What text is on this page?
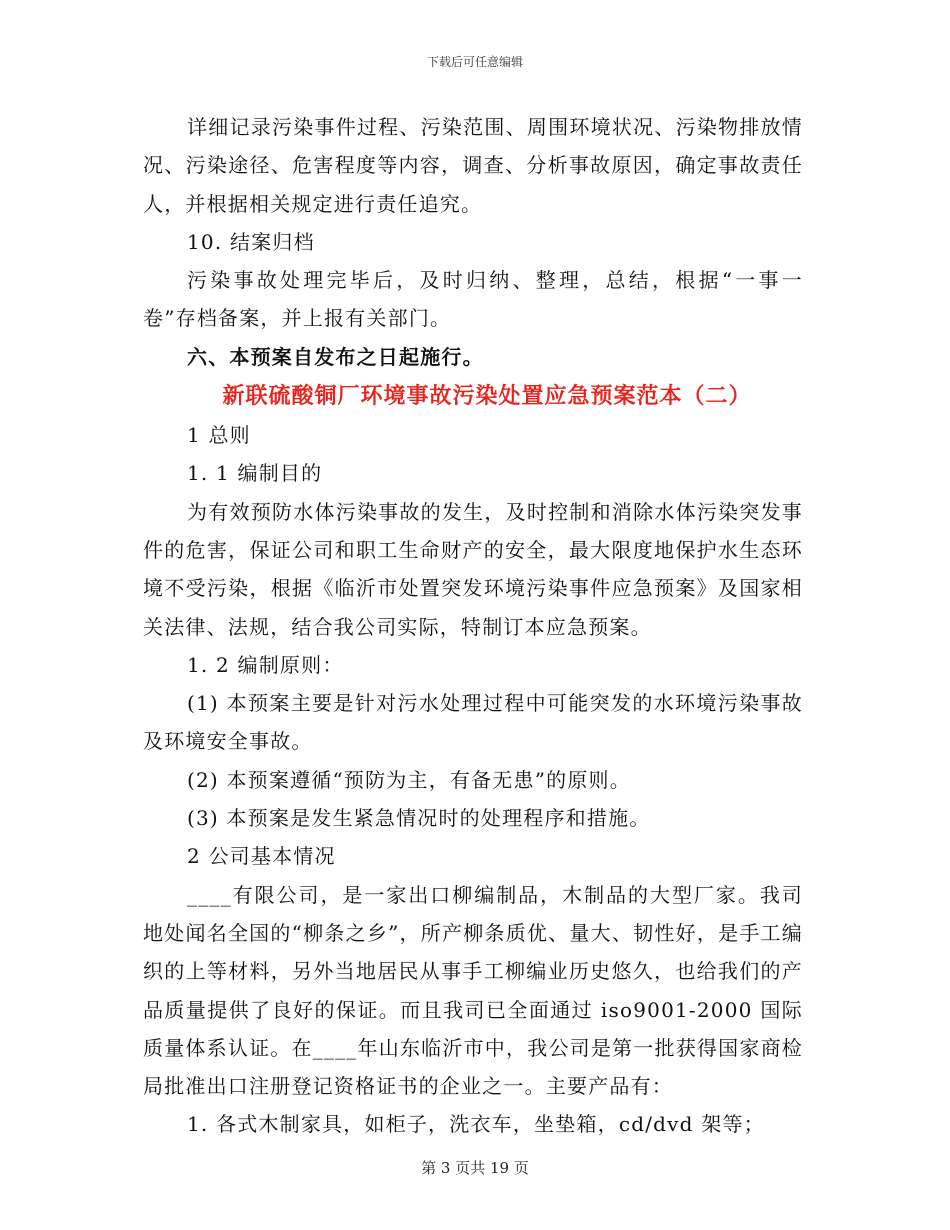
下载后可任意编辑

详细记录污染事件过程、污染范围、周围环境状况、污染物排放情况、污染途径、危害程度等内容，调查、分析事故原因，确定事故责任人，并根据相关规定进行责任追究。

10. 结案归档

污染事故处理完毕后，及时归纳、整理，总结，根据“一事一卷”存档备案，并上报有关部门。

六、本预案自发布之日起施行。

新联硫酸铜厂环境事故污染处置应急预案范本（二）

1 总则

1. 1 编制目的

为有效预防水体污染事故的发生，及时控制和消除水体污染突发事件的危害，保证公司和职工生命财产的安全，最大限度地保护水生态环境不受污染，根据《临沂市处置突发环境污染事件应急预案》及国家相关法律、法规，结合我公司实际，特制订本应急预案。

1. 2 编制原则：

(1) 本预案主要是针对污水处理过程中可能突发的水环境污染事故及环境安全事故。

(2) 本预案遵循“预防为主，有备无患”的原则。

(3) 本预案是发生紧急情况时的处理程序和措施。

2 公司基本情况

____有限公司，是一家出口柳编制品，木制品的大型厂家。我司地处闻名全国的“柳条之乡”，所产柳条质优、量大、韧性好，是手工编织的上等材料，另外当地居民从事手工柳编业历史悠久，也给我们的产品质量提供了良好的保证。而且我司已全面通过 iso9001-2000 国际质量体系认证。在____年山东临沂市中，我公司是第一批获得国家商检局批准出口注册登记资格证书的企业之一。主要产品有：

1. 各式木制家具，如柜子，洗衣车，坐垫箱，cd/dvd 架等；

第 3 页共 19 页
